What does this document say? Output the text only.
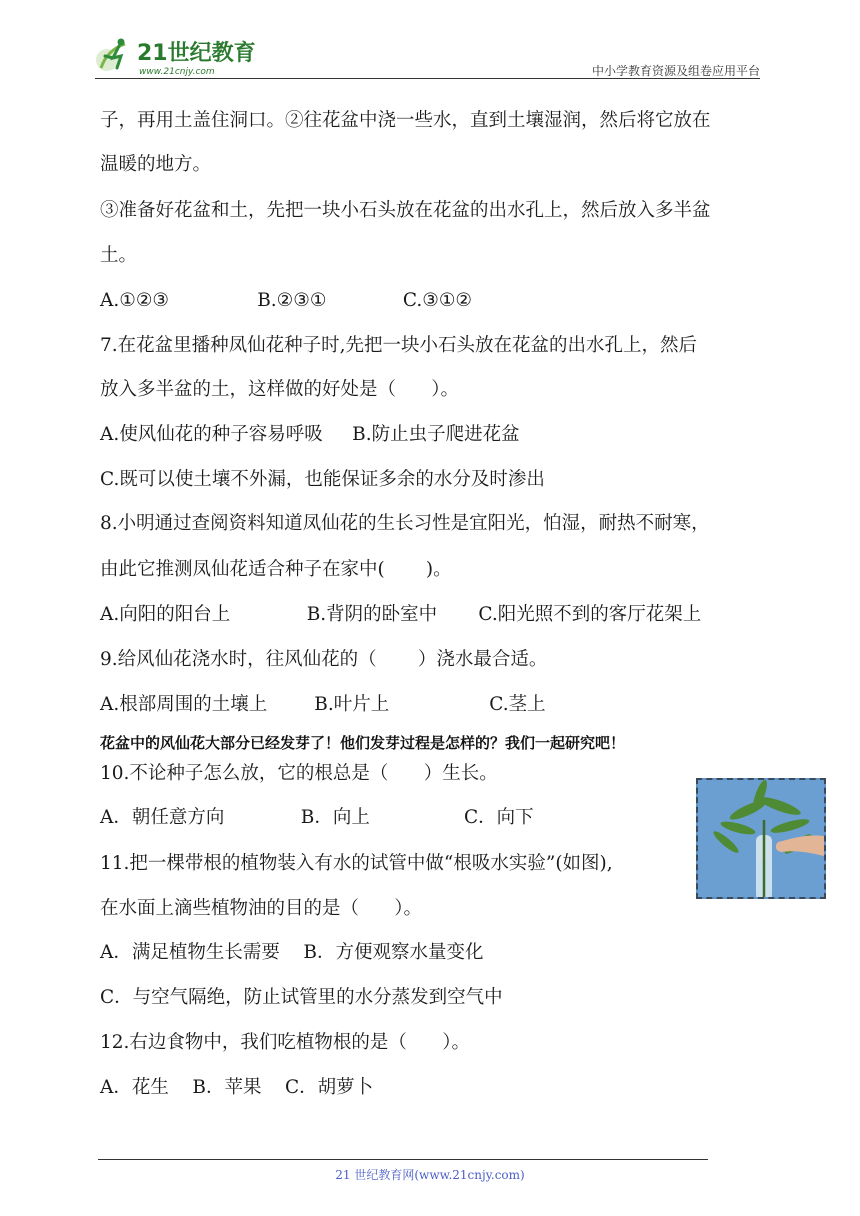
21世纪教育
www.21cnjy.com	中小学教育资源及组卷应用平台
子，再用土盖住洞口。②往花盆中浇一些水，直到土壤湿润，然后将它放在
温暖的地方。
③准备好花盆和土，先把一块小石头放在花盆的出水孔上，然后放入多半盆
土。
A.①②③               B.②③①             C.③①②
7.在花盆里播种凤仙花种子时,先把一块小石头放在花盆的出水孔上，然后
放入多半盆的土，这样做的好处是（      ）。
A.使风仙花的种子容易呼吸     B.防止虫子爬进花盆
C.既可以使土壤不外漏，也能保证多余的水分及时渗出
8.小明通过查阅资料知道凤仙花的生长习性是宜阳光，怕湿，耐热不耐寒，
由此它推测凤仙花适合种子在家中(       )。
A.向阳的阳台上             B.背阴的卧室中       C.阳光照不到的客厅花架上
9.给风仙花浇水时，往风仙花的（       ）浇水最合适。
A.根部周围的土壤上        B.叶片上                 C.茎上
花盆中的风仙花大部分已经发芽了！他们发芽过程是怎样的？我们一起研究吧！
10.不论种子怎么放，它的根总是（      ）生长。
A．朝任意方向             B．向上                C．向下
11.把一棵带根的植物装入有水的试管中做“根吸水实验”(如图),
在水面上滴些植物油的目的是（      ）。
A．满足植物生长需要    B．方便观察水量变化
C．与空气隔绝，防止试管里的水分蒸发到空气中
12.右边食物中，我们吃植物根的是（      ）。
A．花生    B．苹果    C．胡萝卜
21 世纪教育网(www.21cnjy.com)
